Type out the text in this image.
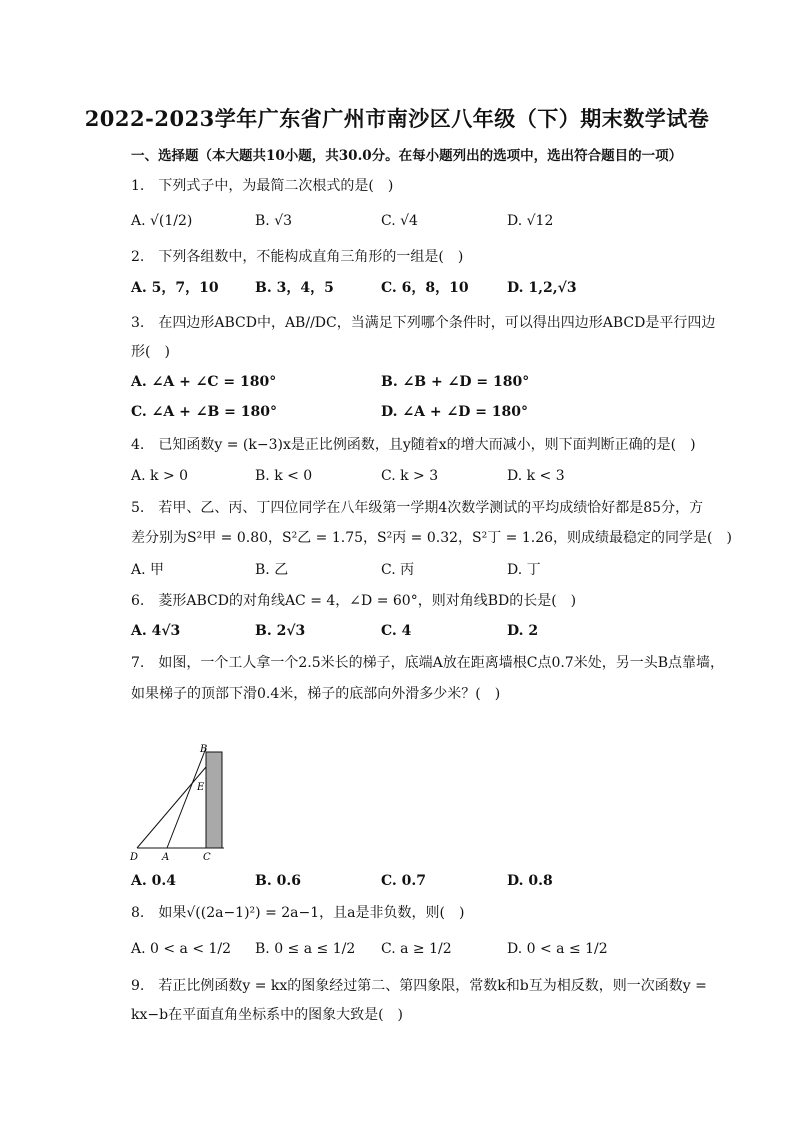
2022-2023学年广东省广州市南沙区八年级（下）期末数学试卷
一、选择题（本大题共10小题，共30.0分。在每小题列出的选项中，选出符合题目的一项）
1.　下列式子中，为最简二次根式的是(　)
A. √(1/2)	B. √3	C. √4	D. √12
2.　下列各组数中，不能构成直角三角形的一组是(　)
A. 5，7，10	B. 3，4，5	C. 6，8，10	D. 1,2,√3
3.　在四边形ABCD中，AB//DC，当满足下列哪个条件时，可以得出四边形ABCD是平行四边
形(　)
A. ∠A + ∠C = 180°	B. ∠B + ∠D = 180°
C. ∠A + ∠B = 180°	D. ∠A + ∠D = 180°
4.　已知函数y = (k−3)x是正比例函数，且y随着x的增大而减小，则下面判断正确的是(　)
A. k > 0	B. k < 0	C. k > 3	D. k < 3
5.　若甲、乙、丙、丁四位同学在八年级第一学期4次数学测试的平均成绩恰好都是85分，方
差分别为S²甲 = 0.80，S²乙 = 1.75，S²丙 = 0.32，S²丁 = 1.26，则成绩最稳定的同学是(　)
A. 甲	B. 乙	C. 丙	D. 丁
6.　菱形ABCD的对角线AC = 4，∠D = 60°，则对角线BD的长是(　)
A. 4√3	B. 2√3	C. 4	D. 2
7.　如图，一个工人拿一个2.5米长的梯子，底端A放在距离墙根C点0.7米处，另一头B点靠墙，
如果梯子的顶部下滑0.4米，梯子的底部向外滑多少米？(　)
B
E
D A	C
A. 0.4	B. 0.6	C. 0.7	D. 0.8
8.　如果√((2a−1)²) = 2a−1，且a是非负数，则(　)
A. 0 < a < 1/2 B. 0 ≤ a ≤ 1/2 C. a ≥ 1/2	D. 0 < a ≤ 1/2
9.　若正比例函数y = kx的图象经过第二、第四象限，常数k和b互为相反数，则一次函数y =
kx−b在平面直角坐标系中的图象大致是(　)
